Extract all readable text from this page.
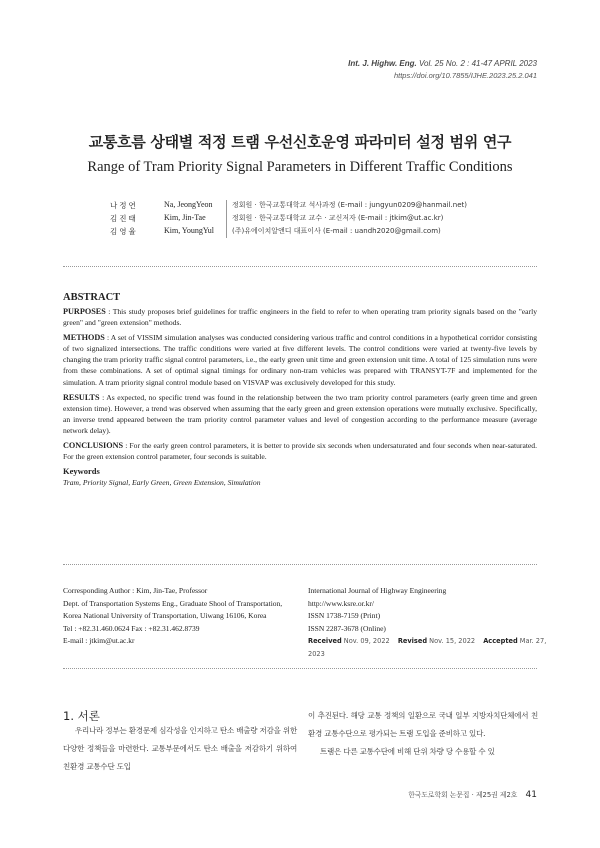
Int. J. Highw. Eng. Vol. 25 No. 2 : 41-47 APRIL 2023
https://doi.org/10.7855/IJHE.2023.25.2.041
교통흐름 상태별 적정 트램 우선신호운영 파라미터 설정 범위 연구
Range of Tram Priority Signal Parameters in Different Traffic Conditions
나정연	Na, JeongYeon	정회원 · 한국교통대학교 석사과정 (E-mail : jungyun0209@hanmail.net)
김진태	Kim, Jin-Tae	정회원 · 한국교통대학교 교수 · 교신저자 (E-mail : jtkim@ut.ac.kr)
김영율	Kim, YoungYul	(주)유에이치알앤디 대표이사 (E-mail : uandh2020@gmail.com)
ABSTRACT

PURPOSES : This study proposes brief guidelines for traffic engineers in the field to refer to when operating tram priority signals based on the "early green" and "green extension" methods.

METHODS : A set of VISSIM simulation analyses was conducted considering various traffic and control conditions in a hypothetical corridor consisting of two signalized intersections. The traffic conditions were varied at five different levels. The control conditions were varied at twenty-five levels by changing the tram priority traffic signal control parameters, i.e., the early green unit time and green extension unit time. A total of 125 simulation runs were from these combinations. A set of optimal signal timings for ordinary non-tram vehicles was prepared with TRANSYT-7F and implemented for the simulation. A tram priority signal control module based on VISVAP was exclusively developed for this study.

RESULTS : As expected, no specific trend was found in the relationship between the two tram priority control parameters (early green time and green extension time). However, a trend was observed when assuming that the early green and green extension operations were mutually exclusive. Specifically, an inverse trend appeared between the tram priority control parameter values and level of congestion according to the performance measure (average network delay).

CONCLUSIONS : For the early green control parameters, it is better to provide six seconds when undersaturated and four seconds when near-saturated. For the green extension control parameter, four seconds is suitable.

Keywords
Tram, Priority Signal, Early Green, Green Extension, Simulation
Corresponding Author : Kim, Jin-Tae, Professor
Dept. of Transportation Systems Eng., Graduate Shool of Transportation,
Korea National University of Transportation, Uiwang 16106, Korea
Tel : +82.31.460.0624 Fax : +82.31.462.8739
E-mail : jtkim@ut.ac.kr
International Journal of Highway Engineering
http://www.ksre.or.kr/
ISSN 1738-7159 (Print)
ISSN 2287-3678 (Online)
Received Nov. 09, 2022 Revised Nov. 15, 2022 Accepted Mar. 27, 2023
1. 서론

우리나라 정부는 환경문제 심각성을 인지하고 탄소 배출량 저감을 위한 다양한 정책들을 마련한다. 교통부문에서도 탄소 배출을 저감하기 위하여 친환경 교통수단 도입

이 추진된다. 해당 교통 정책의 일환으로 국내 일부 지방자치단체에서 친환경 교통수단으로 평가되는 트램 도입을 준비하고 있다.

트램은 다른 교통수단에 비해 단위 차량 당 수용할 수 있

한국도로학회 논문집 · 제25권 제2호 41
